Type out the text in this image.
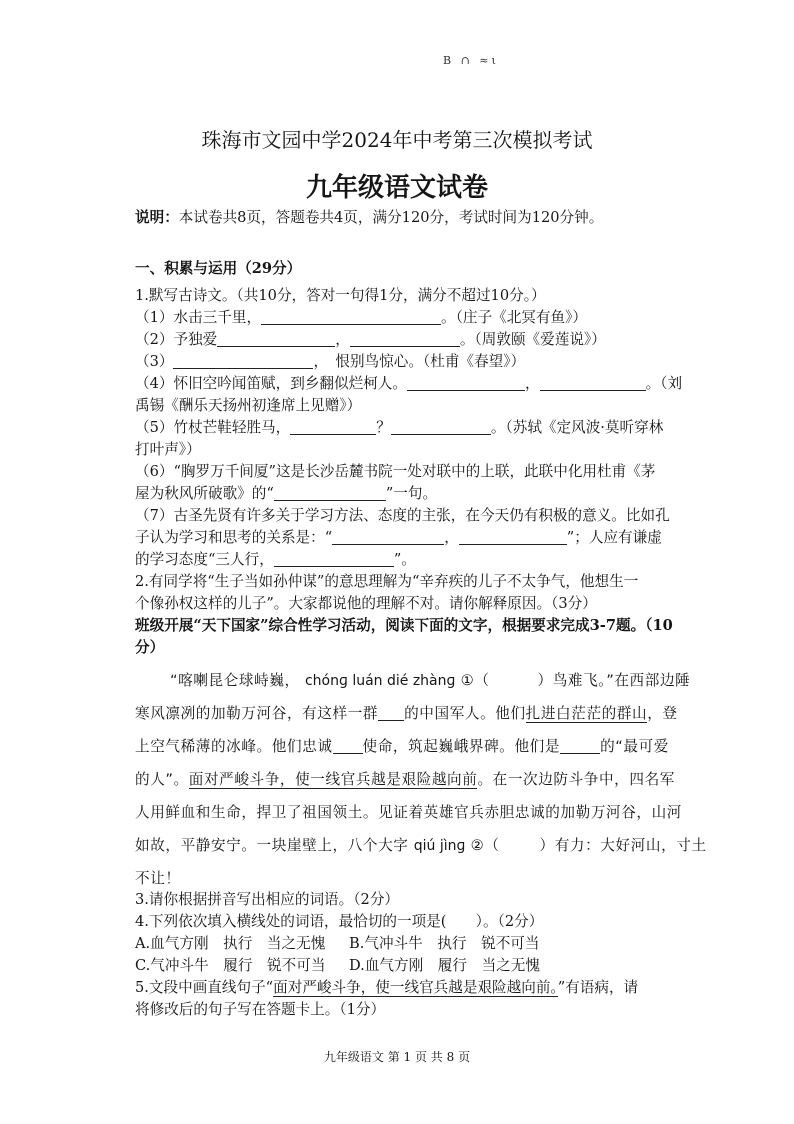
B ∩ ≈ι
珠海市文园中学2024年中考第三次模拟考试
九年级语文试卷
说明：本试卷共8页，答题卷共4页，满分120分，考试时间为120分钟。
一、积累与运用（29分）
1.默写古诗文。（共10分，答对一句得1分，满分不超过10分。）
（1）水击三千里，	。（庄子《北冥有鱼》）
（2）予独爱	，	。（周敦颐《爱莲说》）
（3）	，　恨别鸟惊心。（杜甫《春望》）
（4）怀旧空吟闻笛赋，到乡翻似烂柯人。	，	。（刘
禹锡《酬乐天扬州初逢席上见赠》）
（5）竹杖芒鞋轻胜马，	？	。（苏轼《定风波·莫听穿林
打叶声》）
（6）“胸罗万千间厦”这是长沙岳麓书院一处对联中的上联，此联中化用杜甫《茅
屋为秋风所破歌》的“	”一句。
（7）古圣先贤有许多关于学习方法、态度的主张，在今天仍有积极的意义。比如孔
子认为学习和思考的关系是：“	，	”；人应有谦虚
的学习态度“三人行，	”。
2.有同学将“生子当如孙仲谋”的意思理解为“辛弃疾的儿子不太争气，他想生一
个像孙权这样的儿子”。大家都说他的理解不对。请你解释原因。（3分）
班级开展“天下国家”综合性学习活动，阅读下面的文字，根据要求完成3-7题。（10
分）
“喀喇昆仑球峙巍， chónɡ luán dié zhànɡ ①（	）鸟难飞。”在西部边陲
寒风凛冽的加勒万河谷，有这样一群 的中国军人。他们扎进白茫茫的群山，登
上空气稀薄的冰峰。他们忠诚 使命，筑起巍峨界碑。他们是	的“最可爱
的人”。面对严峻斗争，使一线官兵越是艰险越向前。在一次边防斗争中，四名军
人用鲜血和生命，捍卫了祖国领土。见证着英雄官兵赤胆忠诚的加勒万河谷，山河
如故，平静安宁。一块崖壁上，八个大字 qiú jìnɡ ②（	）有力：大好河山，寸土
不让！
3.请你根据拼音写出相应的词语。（2分）
4.下列依次填入横线处的词语，最恰切的一项是(　　）。（2分）
A.血气方刚　执行　当之无愧 B.气冲斗牛　执行　锐不可当
C.气冲斗牛　履行　锐不可当 D.血气方刚　履行　当之无愧
5.文段中画直线句子“面对严峻斗争，使一线官兵越是艰险越向前。”有语病，请
将修改后的句子写在答题卡上。（1分）
九年级语文 第 1 页 共 8 页
